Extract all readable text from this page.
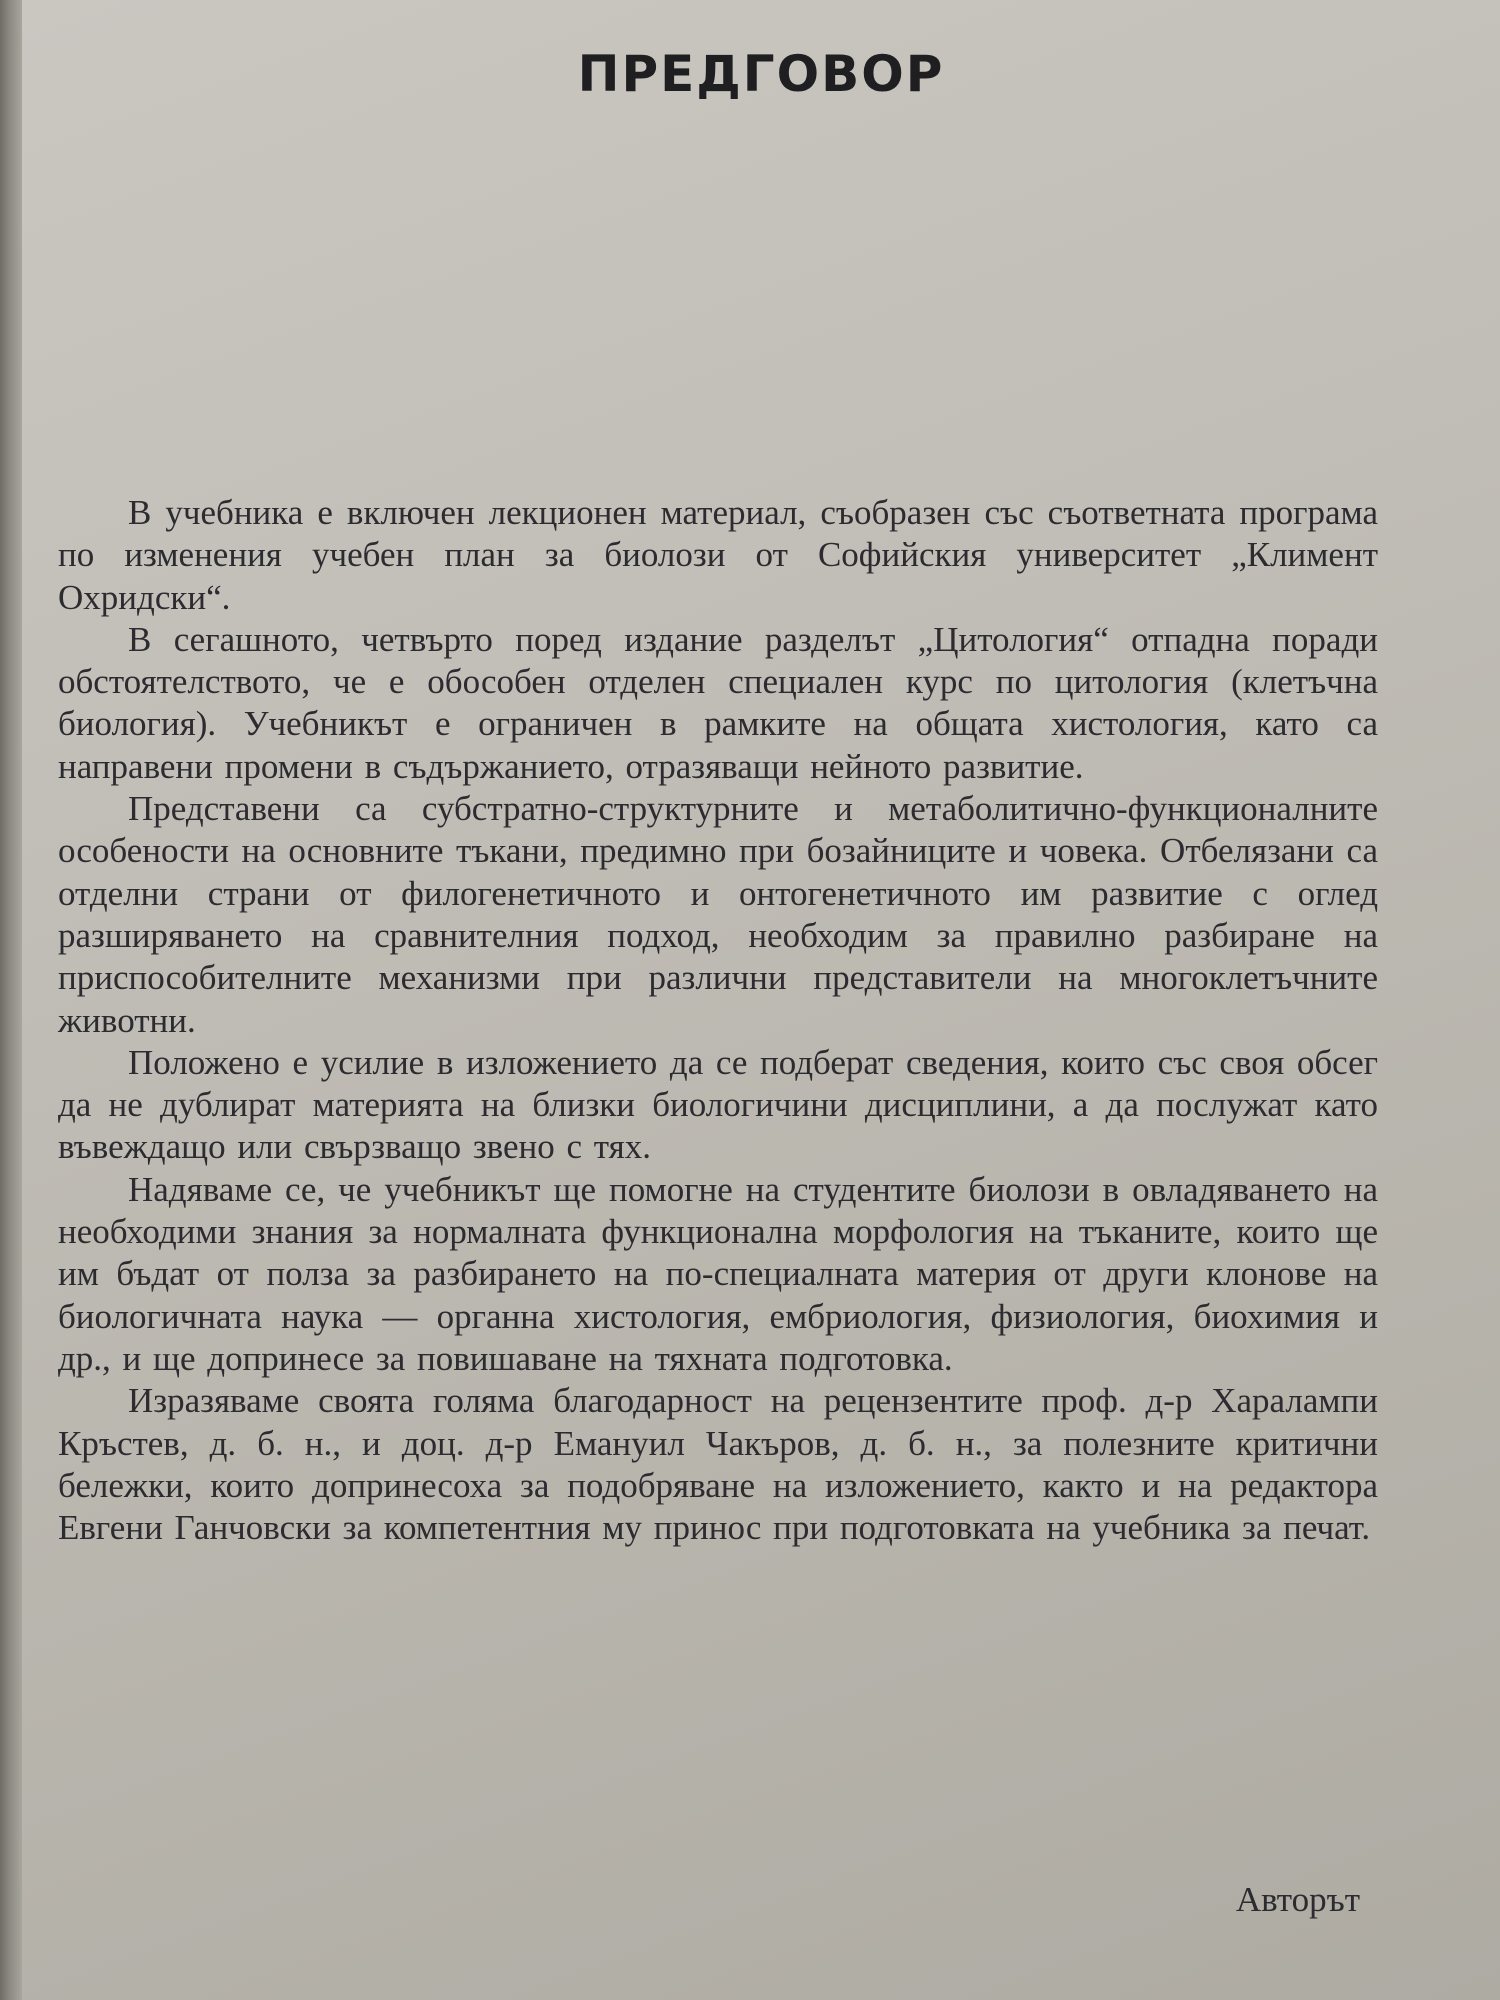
ПРЕДГОВОР

В учебника е включен лекционен материал, съобразен със съответната програма по изменения учебен план за биолози от Софийския университет „Климент Охридски“.

В сегашното, четвърто поред издание разделът „Цитология“ отпадна поради обстоятелството, че е обособен отделен специален курс по цитология (клетъчна биология). Учебникът е ограничен в рамките на общата хистология, като са направени промени в съдържанието, отразяващи нейното развитие.

Представени са субстратно-структурните и метаболитично-функционалните особености на основните тъкани, предимно при бозайниците и човека. Отбелязани са отделни страни от филогенетичното и онтогенетичното им развитие с оглед разширяването на сравнителния подход, необходим за правилно разбиране на приспособителните механизми при различни представители на многоклетъчните животни.

Положено е усилие в изложението да се подберат сведения, които със своя обсег да не дублират материята на близки биологичини дисциплини, а да послужат като въвеждащо или свързващо звено с тях.

Надяваме се, че учебникът ще помогне на студентите биолози в овладяването на необходими знания за нормалната функционална морфология на тъканите, които ще им бъдат от полза за разбирането на по-специалната материя от други клонове на биологичната наука — органна хистология, ембриология, физиология, биохимия и др., и ще допринесе за повишаване на тяхната подготовка.

Изразяваме своята голяма благодарност на рецензентите проф. д-р Харалампи Кръстев, д. б. н., и доц. д-р Емануил Чакъров, д. б. н., за полезните критични бележки, които допринесоха за подобряване на изложението, както и на редактора Евгени Ганчовски за компетентния му принос при подготовката на учебника за печат.

Авторът
